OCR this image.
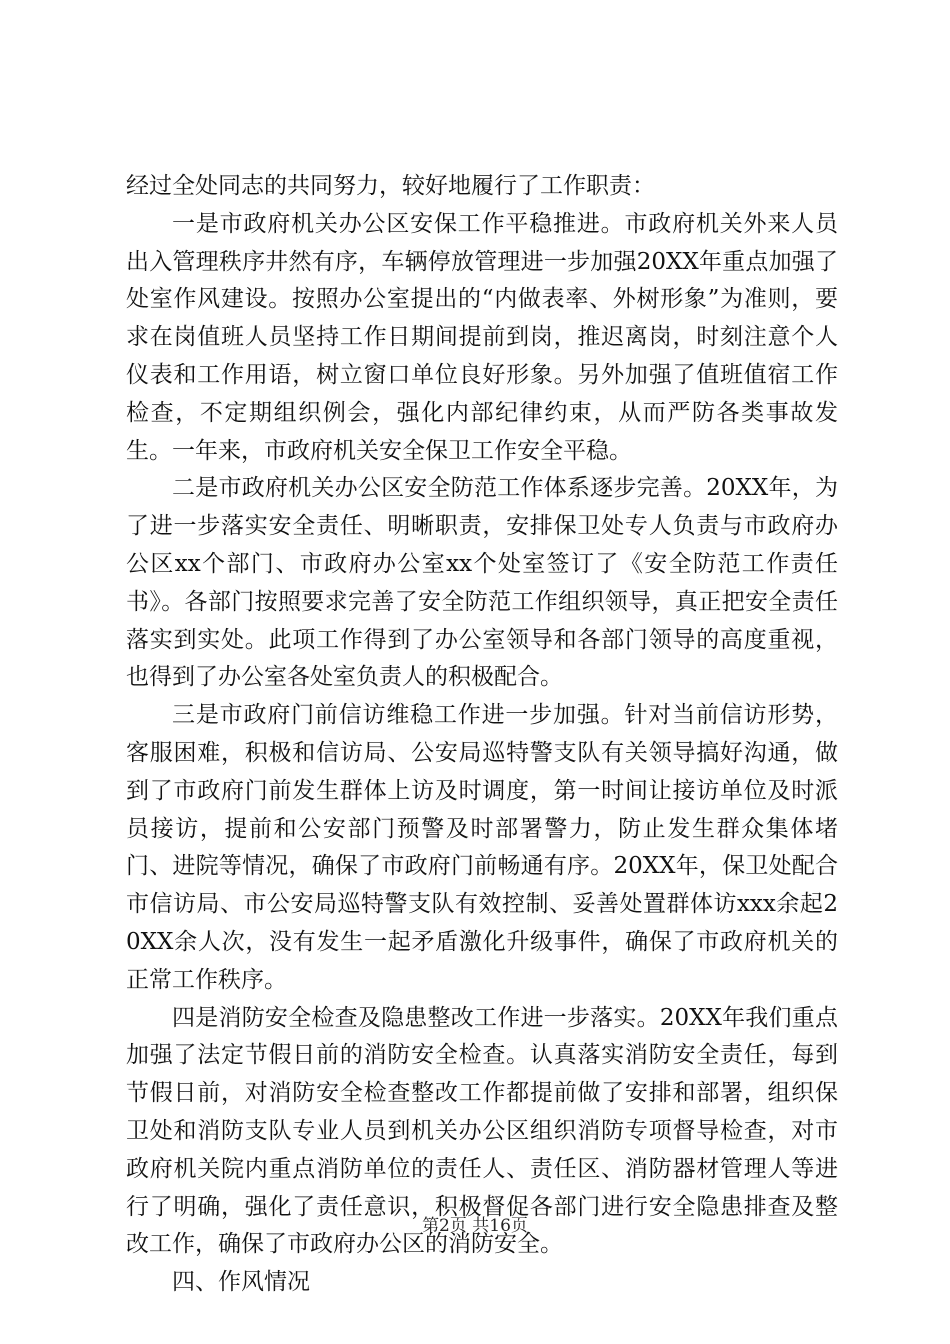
经过全处同志的共同努力，较好地履行了工作职责：

一是市政府机关办公区安保工作平稳推进。市政府机关外来人员出入管理秩序井然有序，车辆停放管理进一步加强20XX年重点加强了处室作风建设。按照办公室提出的“内做表率、外树形象”为准则，要求在岗值班人员坚持工作日期间提前到岗，推迟离岗，时刻注意个人仪表和工作用语，树立窗口单位良好形象。另外加强了值班值宿工作检查，不定期组织例会，强化内部纪律约束，从而严防各类事故发生。一年来，市政府机关安全保卫工作安全平稳。

二是市政府机关办公区安全防范工作体系逐步完善。20XX年，为了进一步落实安全责任、明晰职责，安排保卫处专人负责与市政府办公区xx个部门、市政府办公室xx个处室签订了《安全防范工作责任书》。各部门按照要求完善了安全防范工作组织领导，真正把安全责任落实到实处。此项工作得到了办公室领导和各部门领导的高度重视，也得到了办公室各处室负责人的积极配合。

三是市政府门前信访维稳工作进一步加强。针对当前信访形势，客服困难，积极和信访局、公安局巡特警支队有关领导搞好沟通，做到了市政府门前发生群体上访及时调度，第一时间让接访单位及时派员接访，提前和公安部门预警及时部署警力，防止发生群众集体堵门、进院等情况，确保了市政府门前畅通有序。20XX年，保卫处配合市信访局、市公安局巡特警支队有效控制、妥善处置群体访xxx余起20XX余人次，没有发生一起矛盾激化升级事件，确保了市政府机关的正常工作秩序。

四是消防安全检查及隐患整改工作进一步落实。20XX年我们重点加强了法定节假日前的消防安全检查。认真落实消防安全责任，每到节假日前，对消防安全检查整改工作都提前做了安排和部署，组织保卫处和消防支队专业人员到机关办公区组织消防专项督导检查，对市政府机关院内重点消防单位的责任人、责任区、消防器材管理人等进行了明确，强化了责任意识，积极督促各部门进行安全隐患排查及整改工作，确保了市政府办公区的消防安全。

四、作风情况

第2页 共16页
